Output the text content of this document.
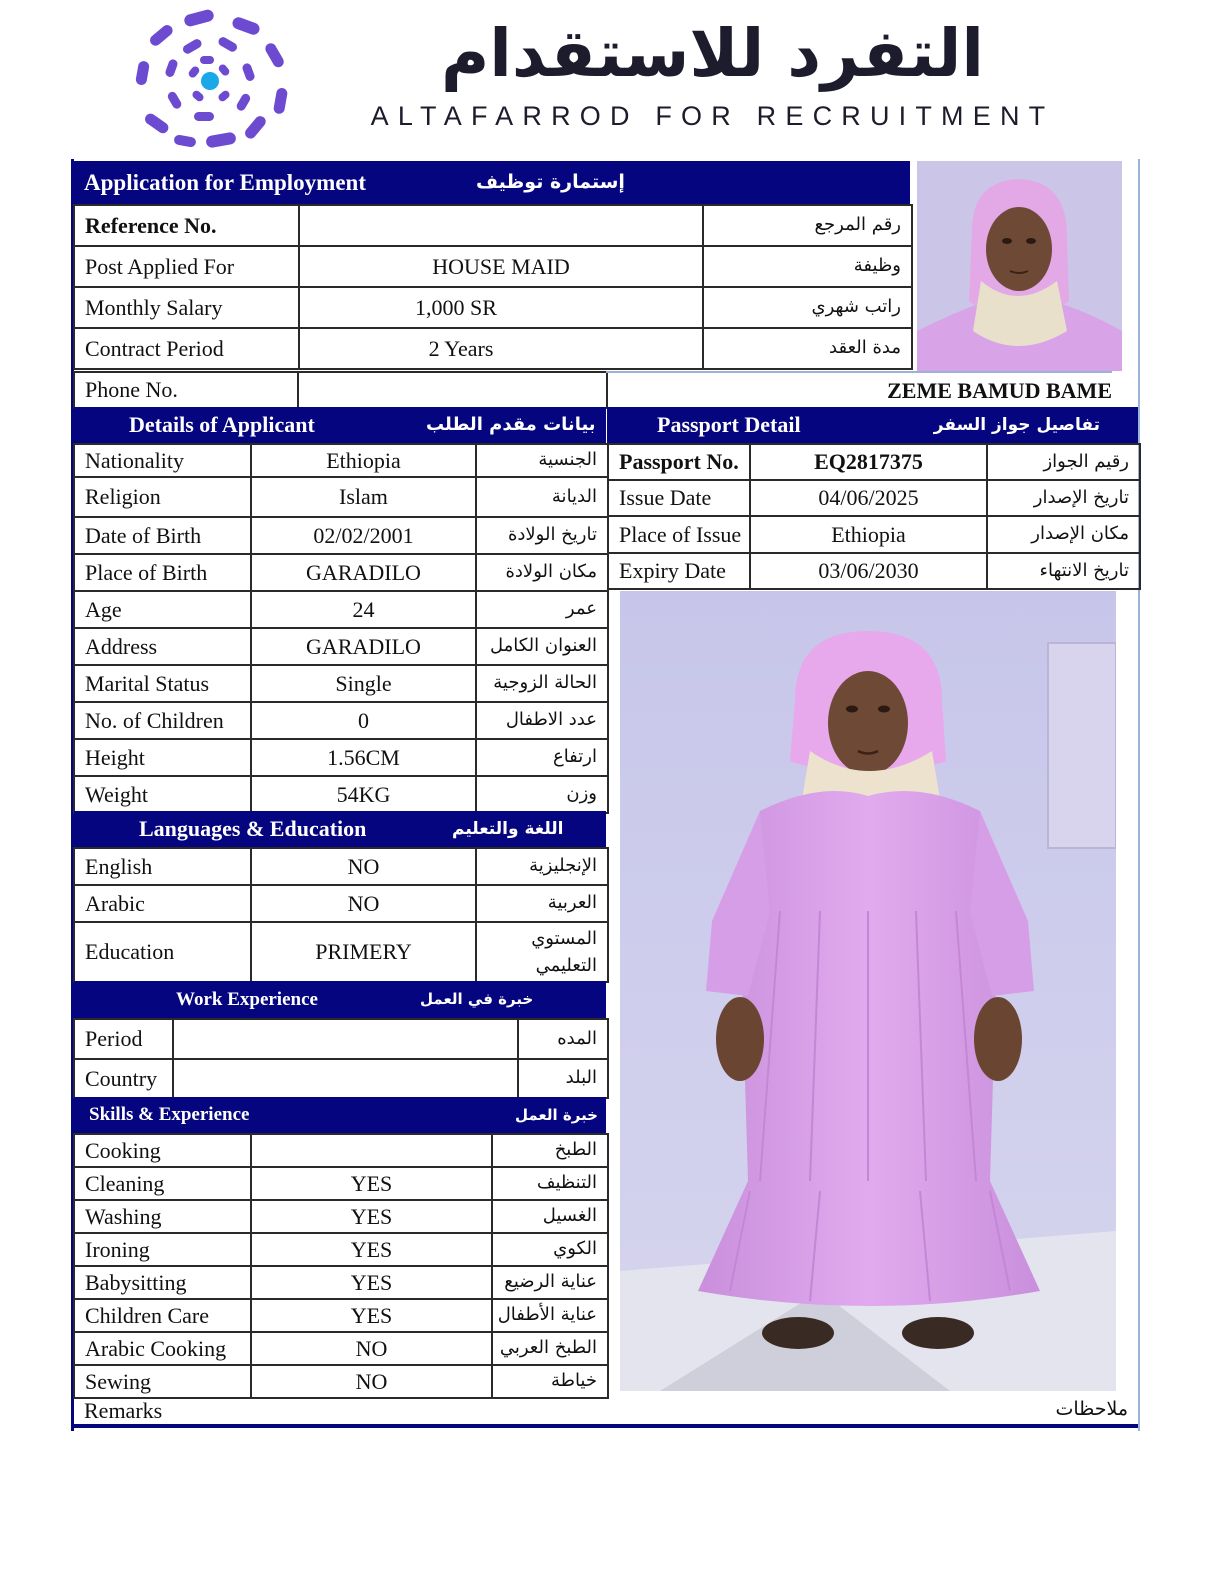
التفرد للاستقدام
ALTAFARROD FOR RECRUITMENT
Application for Employment	إستمارة توظيف
Reference No.		رقم المرجع
Post Applied For	HOUSE MAID	وظيفة
Monthly Salary	1,000 SR	راتب شهري
Contract Period	2 Years	مدة العقد
Phone No.		ZEME BAMUD BAME
Details of Applicant	بيانات مقدم الطلب
Nationality	Ethiopia	الجنسية
Religion	Islam	الديانة
Date of Birth	02/02/2001	تاريخ الولادة
Place of Birth	GARADILO	مكان الولادة
Age	24	عمر
Address	GARADILO	العنوان الكامل
Marital Status	Single	الحالة الزوجية
No. of Children	0	عدد الاطفال
Height	1.56CM	ارتفاع
Weight	54KG	وزن
Languages & Education	اللغة والتعليم
English	NO	الإنجليزية
Arabic	NO	العربية
Education	PRIMERY	المستوي
التعليمي
Work Experience	خبرة في العمل
Period		المده
Country		البلد
Skills & Experience	خبرة العمل
Cooking		الطبخ
Cleaning	YES	التنظيف
Washing	YES	الغسيل
Ironing	YES	الكوي
Babysitting	YES	عناية الرضيع
Children Care	YES	عناية الأطفال
Arabic Cooking	NO	الطبخ العربي
Sewing	NO	خياطة
Passport Detail	تفاصيل جواز السفر
Passport No.	EQ2817375	رقيم الجواز
Issue Date	04/06/2025	تاريخ الإصدار
Place of Issue	Ethiopia	مكان الإصدار
Expiry Date	03/06/2030	تاريخ الانتهاء
Remarks	ملاحظات
